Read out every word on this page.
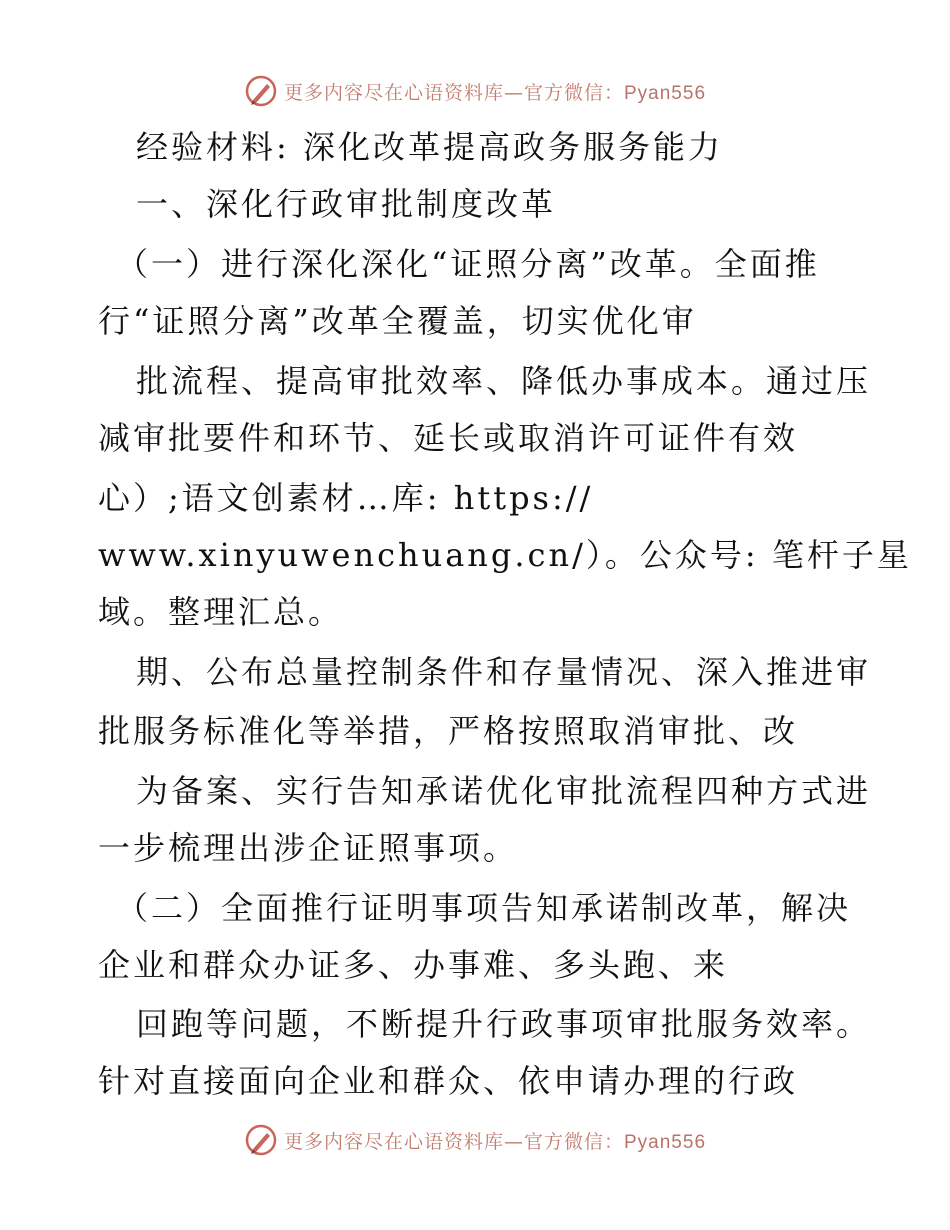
更多内容尽在心语资料库—官方微信：Pyan556
经验材料: 深化改革提高政务服务能力
一、深化行政审批制度改革
（一）进行深化深化“证照分离”改革。全面推
行“证照分离”改革全覆盖，切实优化审
批流程、提高审批效率、降低办事成本。通过压
减审批要件和环节、延长或取消许可证件有效
心）;语文创素材…库: https://
www.xinyuwenchuang.cn/）。公众号: 笔杆子星
域。整理汇总。
期、公布总量控制条件和存量情况、深入推进审
批服务标准化等举措，严格按照取消审批、改
为备案、实行告知承诺优化审批流程四种方式进
一步梳理出涉企证照事项。
（二）全面推行证明事项告知承诺制改革，解决
企业和群众办证多、办事难、多头跑、来
回跑等问题，不断提升行政事项审批服务效率。
针对直接面向企业和群众、依申请办理的行政
更多内容尽在心语资料库—官方微信：Pyan556
